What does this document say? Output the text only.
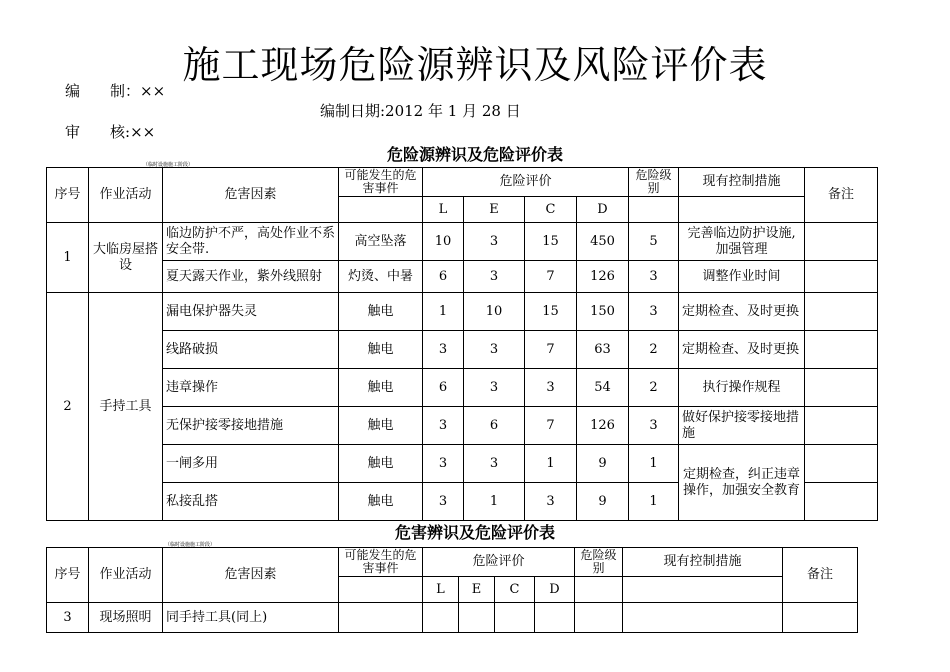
施工现场危险源辨识及风险评价表
编　　制：××
编制日期:2012 年 1 月 28 日
审　　核:××
危险源辨识及危险评价表
（临时设施施工阶段）
序号	作业活动	危害因素	可能发生的危害事件	危险评价				危险级别	现有控制措施	备注
				L	E	C	D			
1	大临房屋搭设	临边防护不严，高处作业不系安全带.	高空坠落	10	3	15	450	5	完善临边防护设施,加强管理	
		夏天露天作业，紫外线照射	灼烫、中暑	6	3	7	126	3	调整作业时间	
2	手持工具	漏电保护器失灵	触电	1	10	15	150	3	定期检查、及时更换	
		线路破损	触电	3	3	7	63	2	定期检查、及时更换	
		违章操作	触电	6	3	3	54	2	执行操作规程	
		无保护接零接地措施	触电	3	6	7	126	3	做好保护接零接地措施	
		一闸多用	触电	3	3	1	9	1	定期检查，纠正违章操作，加强安全教育	
		私接乱搭	触电	3	1	3	9	1		
危害辨识及危险评价表
（临时设施施工阶段）
序号	作业活动	危害因素	可能发生的危害事件	危险评价				危险级别	现有控制措施	备注
				L	E	C	D			
3	现场照明	同手持工具(同上)								
